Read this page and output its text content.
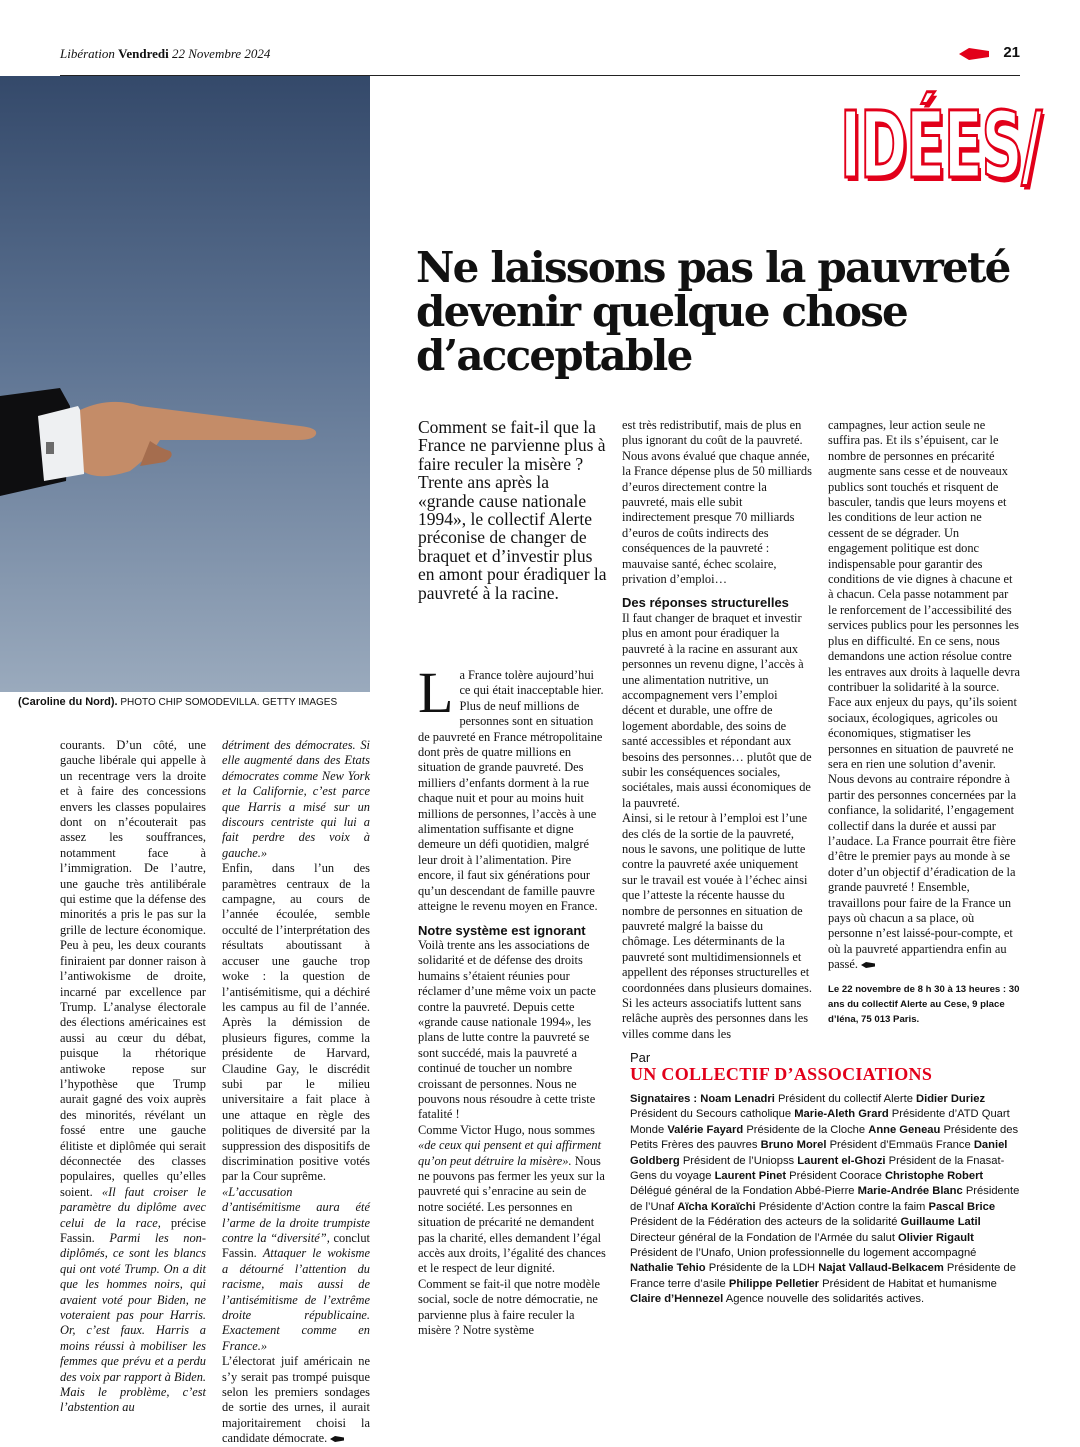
Libération Vendredi 22 Novembre 2024	21
(Caroline du Nord). PHOTO CHIP SOMODEVILLA. GETTY IMAGES
IDÉES/
Ne laissons pas la pauvreté devenir quelque chose d’acceptable
Comment se fait-il que la France ne parvienne plus à faire reculer la misère ? Trente ans après la «grande cause nationale 1994», le collectif Alerte préconise de changer de braquet et d’investir plus en amont pour éradiquer la pauvreté à la racine.

courants. D’un côté, une gauche libérale qui appelle à un recentrage vers la droite et à faire des concessions envers les classes populaires dont on n’écouterait pas assez les souffrances, notamment face à l’immigration. De l’autre, une gauche très antilibérale qui estime que la défense des minorités a pris le pas sur la grille de lecture économique. Peu à peu, les deux courants finiraient par donner raison à l’antiwokisme de droite, incarné par excellence par Trump. L’analyse électorale des élections américaines est aussi au cœur du débat, puisque la rhétorique antiwoke repose sur l’hypothèse que Trump aurait gagné des voix auprès des minorités, révélant un fossé entre une gauche élitiste et diplômée qui serait déconnectée des classes populaires, quelles qu’elles soient. «Il faut croiser le paramètre du diplôme avec celui de la race, précise Fassin. Parmi les non-diplômés, ce sont les blancs qui ont voté Trump. On a dit que les hommes noirs, qui avaient voté pour Biden, ne voteraient pas pour Harris. Or, c’est faux. Harris a moins réussi à mobiliser les femmes que prévu et a perdu des voix par rapport à Biden. Mais le problème, c’est l’abstention au

détriment des démocrates. Si elle augmenté dans des Etats démocrates comme New York et la Californie, c’est parce que Harris a misé sur un discours centriste qui lui a fait perdre des voix à gauche.»

Enfin, dans l’un des paramètres centraux de la campagne, au cours de l’année écoulée, semble occulté de l’interprétation des résultats aboutissant à accuser une gauche trop woke : la question de l’antisémitisme, qui a déchiré les campus au fil de l’année. Après la démission de plusieurs figures, comme la présidente de Harvard, Claudine Gay, le discrédit subi par le milieu universitaire a fait place à une attaque en règle des politiques de diversité par la suppression des dispositifs de discrimination positive votés par la Cour suprême.

«L’accusation d’antisémitisme aura été l’arme de la droite trumpiste contre la “diversité”, conclut Fassin. Attaquer le wokisme a détourné l’attention du racisme, mais aussi de l’antisémitisme de l’extrême droite républicaine. Exactement comme en France.»

L’électorat juif américain ne s’y serait pas trompé puisque selon les premiers sondages de sortie des urnes, il aurait majoritairement choisi la candidate démocrate.

La France tolère aujourd’hui ce qui était inacceptable hier. Plus de neuf millions de personnes sont en situation de pauvreté en France métropolitaine dont près de quatre millions en situation de grande pauvreté. Des milliers d’enfants dorment à la rue chaque nuit et pour au moins huit millions de personnes, l’accès à une alimentation suffisante et digne demeure un défi quotidien, malgré leur droit à l’alimentation. Pire encore, il faut six générations pour qu’un descendant de famille pauvre atteigne le revenu moyen en France.

Notre système est ignorant

Voilà trente ans les associations de solidarité et de défense des droits humains s’étaient réunies pour réclamer d’une même voix un pacte contre la pauvreté. Depuis cette «grande cause nationale 1994», les plans de lutte contre la pauvreté se sont succédé, mais la pauvreté a continué de toucher un nombre croissant de personnes. Nous ne pouvons nous résoudre à cette triste fatalité !

Comme Victor Hugo, nous sommes «de ceux qui pensent et qui affirment qu’on peut détruire la misère». Nous ne pouvons pas fermer les yeux sur la pauvreté qui s’enracine au sein de notre société. Les personnes en situation de précarité ne demandent pas la charité, elles demandent l’égal accès aux droits, l’égalité des chances et le respect de leur dignité.

Comment se fait-il que notre modèle social, socle de notre démocratie, ne parvienne plus à faire reculer la misère ? Notre système

est très redistributif, mais de plus en plus ignorant du coût de la pauvreté. Nous avons évalué que chaque année, la France dépense plus de 50 milliards d’euros directement contre la pauvreté, mais elle subit indirectement presque 70 milliards d’euros de coûts indirects des conséquences de la pauvreté : mauvaise santé, échec scolaire, privation d’emploi…

Des réponses structurelles

Il faut changer de braquet et investir plus en amont pour éradiquer la pauvreté à la racine en assurant aux personnes un revenu digne, l’accès à une alimentation nutritive, un accompagnement vers l’emploi décent et durable, une offre de logement abordable, des soins de santé accessibles et répondant aux besoins des personnes… plutôt que de subir les conséquences sociales, sociétales, mais aussi économiques de la pauvreté.

Ainsi, si le retour à l’emploi est l’une des clés de la sortie de la pauvreté, nous le savons, une politique de lutte contre la pauvreté axée uniquement sur le travail est vouée à l’échec ainsi que l’atteste la récente hausse du nombre de personnes en situation de pauvreté malgré la baisse du chômage. Les déterminants de la pauvreté sont multidimensionnels et appellent des réponses structurelles et coordonnées dans plusieurs domaines.

Si les acteurs associatifs luttent sans relâche auprès des personnes dans les villes comme dans les

campagnes, leur action seule ne suffira pas. Et ils s’épuisent, car le nombre de personnes en précarité augmente sans cesse et de nouveaux publics sont touchés et risquent de basculer, tandis que leurs moyens et les conditions de leur action ne cessent de se dégrader. Un engagement politique est donc indispensable pour garantir des conditions de vie dignes à chacune et à chacun. Cela passe notamment par le renforcement de l’accessibilité des services publics pour les personnes les plus en difficulté. En ce sens, nous demandons une action résolue contre les entraves aux droits à laquelle devra contribuer la solidarité à la source.

Face aux enjeux du pays, qu’ils soient sociaux, écologiques, agricoles ou économiques, stigmatiser les personnes en situation de pauvreté ne sera en rien une solution d’avenir. Nous devons au contraire répondre à partir des personnes concernées par la confiance, la solidarité, l’engagement collectif dans la durée et aussi par l’audace. La France pourrait être fière d’être le premier pays au monde à se doter d’un objectif d’éradication de la grande pauvreté ! Ensemble, travaillons pour faire de la France un pays où chacun a sa place, où personne n’est laissé-pour-compte, et où la pauvreté appartiendra enfin au passé.

Le 22 novembre de 8 h 30 à 13 heures : 30 ans du collectif Alerte au Cese, 9 place d’Iéna, 75 013 Paris.
Par
UN COLLECTIF D’ASSOCIATIONS
Signataires : Noam Lenadri Président du collectif Alerte Didier Duriez Président du Secours catholique Marie-Aleth Grard Présidente d’ATD Quart Monde Valérie Fayard Présidente de la Cloche Anne Geneau Présidente des Petits Frères des pauvres Bruno Morel Président d’Emmaüs France Daniel Goldberg Président de l’Uniopss Laurent el-Ghozi Président de la Fnasat-Gens du voyage Laurent Pinet Président Coorace Christophe Robert Délégué général de la Fondation Abbé-Pierre Marie-Andrée Blanc Présidente de l’Unaf Aïcha Koraïchi Présidente d’Action contre la faim Pascal Brice Président de la Fédération des acteurs de la solidarité Guillaume Latil Directeur général de la Fondation de l’Armée du salut Olivier Rigault Président de l’Unafo, Union professionnelle du logement accompagné Nathalie Tehio Présidente de la LDH Najat Vallaud-Belkacem Présidente de France terre d’asile Philippe Pelletier Président de Habitat et humanisme Claire d’Hennezel Agence nouvelle des solidarités actives.
